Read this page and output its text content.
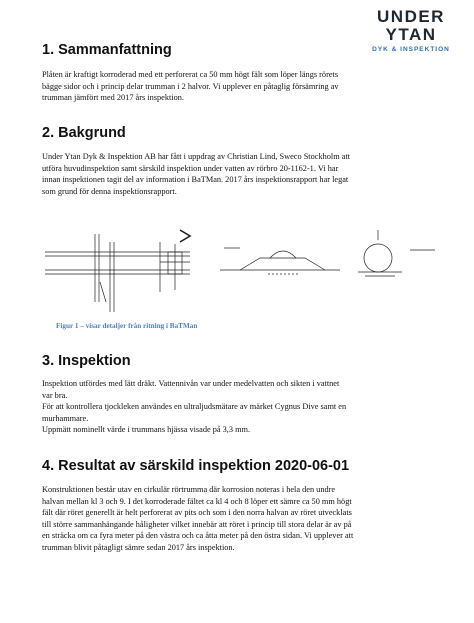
UNDER YTAN
DYK & INSPEKTION
1. Sammanfattning

Plåten är kraftigt korroderad med ett perforerat ca 50 mm högt fält som löper längs rörets
bägge sidor och i princip delar trumman i 2 halvor. Vi upplever en påtaglig försämring av
trumman jämfört med 2017 års inspektion.

2. Bakgrund

Under Ytan Dyk & Inspektion AB har fått i uppdrag av Christian Lind, Sweco Stockholm att
utföra huvudinspektion samt särskild inspektion under vatten av rörbro 20-1162-1. Vi har
innan inspektionen tagit del av information i BaTMan. 2017 års inspektionsrapport har legat
som grund för denna inspektionsrapport.

Figur 1 – visar detaljer från ritning i BaTMan

3. Inspektion

Inspektion utfördes med lätt dräkt. Vattennivån var under medelvatten och sikten i vattnet
var bra.
För att kontrollera tjockleken användes en ultraljudsmätare av märket Cygnus Dive samt en
murhammare.
Uppmätt nominellt värde i trummans hjässa visade på 3,3 mm.

4. Resultat av särskild inspektion 2020-06-01

Konstruktionen består utav en cirkulär rörtrumma där korrosion noteras i hela den undre
halvan mellan kl 3 och 9. I det korroderade fältet ca kl 4 och 8 löper ett sämre ca 50 mm högt
fält där röret generellt är helt perforerat av pits och som i den norra halvan av röret utvecklats
till större sammanhängande håligheter vilket innebär att röret i princip till stora delar är av på
en sträcka om ca fyra meter på den västra och ca åtta meter på den östra sidan. Vi upplever att
trumman blivit påtagligt sämre sedan 2017 års inspektion.
